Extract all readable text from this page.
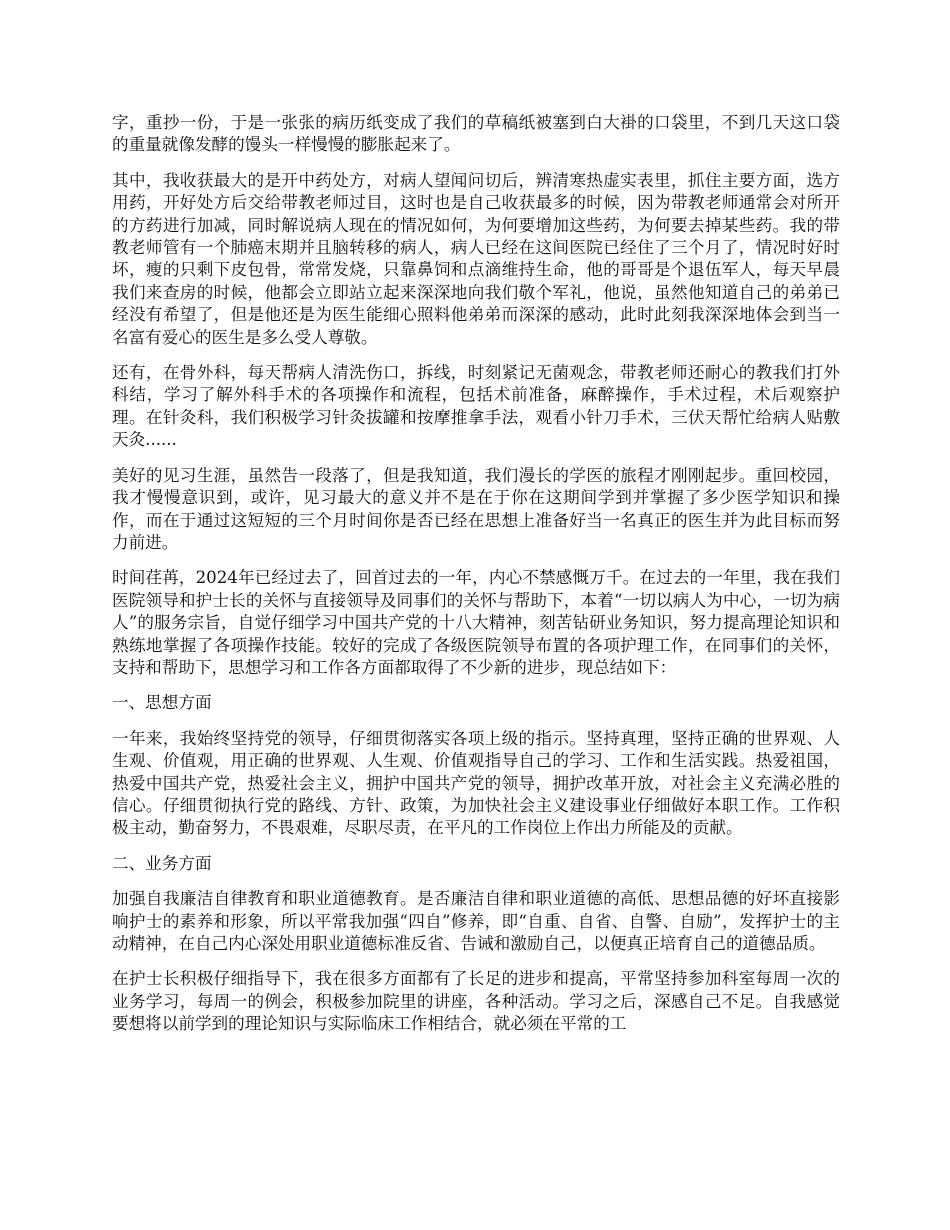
字，重抄一份，于是一张张的病历纸变成了我们的草稿纸被塞到白大褂的口袋里，不到几天这口袋的重量就像发酵的馒头一样慢慢的膨胀起来了。

其中，我收获最大的是开中药处方，对病人望闻问切后，辨清寒热虚实表里，抓住主要方面，选方用药，开好处方后交给带教老师过目，这时也是自己收获最多的时候，因为带教老师通常会对所开的方药进行加减，同时解说病人现在的情况如何，为何要增加这些药，为何要去掉某些药。我的带教老师管有一个肺癌末期并且脑转移的病人，病人已经在这间医院已经住了三个月了，情况时好时坏，瘦的只剩下皮包骨，常常发烧，只靠鼻饲和点滴维持生命，他的哥哥是个退伍军人，每天早晨我们来查房的时候，他都会立即站立起来深深地向我们敬个军礼，他说，虽然他知道自己的弟弟已经没有希望了，但是他还是为医生能细心照料他弟弟而深深的感动，此时此刻我深深地体会到当一名富有爱心的医生是多么受人尊敬。

还有，在骨外科，每天帮病人清洗伤口，拆线，时刻紧记无菌观念，带教老师还耐心的教我们打外科结，学习了解外科手术的各项操作和流程，包括术前准备，麻醉操作，手术过程，术后观察护理。在针灸科，我们积极学习针灸拔罐和按摩推拿手法，观看小针刀手术，三伏天帮忙给病人贴敷天灸......

美好的见习生涯，虽然告一段落了，但是我知道，我们漫长的学医的旅程才刚刚起步。重回校园，我才慢慢意识到，或许，见习最大的意义并不是在于你在这期间学到并掌握了多少医学知识和操作，而在于通过这短短的三个月时间你是否已经在思想上准备好当一名真正的医生并为此目标而努力前进。

时间荏苒，2024年已经过去了，回首过去的一年，内心不禁感慨万千。在过去的一年里，我在我们医院领导和护士长的关怀与直接领导及同事们的关怀与帮助下，本着“一切以病人为中心，一切为病人”的服务宗旨，自觉仔细学习中国共产党的十八大精神，刻苦钻研业务知识，努力提高理论知识和熟练地掌握了各项操作技能。较好的完成了各级医院领导布置的各项护理工作，在同事们的关怀，支持和帮助下，思想学习和工作各方面都取得了不少新的进步，现总结如下：

一、思想方面

一年来，我始终坚持党的领导，仔细贯彻落实各项上级的指示。坚持真理，坚持正确的世界观、人生观、价值观，用正确的世界观、人生观、价值观指导自己的学习、工作和生活实践。热爱祖国，热爱中国共产党，热爱社会主义，拥护中国共产党的领导，拥护改革开放，对社会主义充满必胜的信心。仔细贯彻执行党的路线、方针、政策，为加快社会主义建设事业仔细做好本职工作。工作积极主动，勤奋努力，不畏艰难，尽职尽责，在平凡的工作岗位上作出力所能及的贡献。

二、业务方面

加强自我廉洁自律教育和职业道德教育。是否廉洁自律和职业道德的高低、思想品德的好坏直接影响护士的素养和形象，所以平常我加强“四自”修养，即“自重、自省、自警、自励”，发挥护士的主动精神，在自己内心深处用职业道德标准反省、告诫和激励自己，以便真正培育自己的道德品质。

在护士长积极仔细指导下，我在很多方面都有了长足的进步和提高，平常坚持参加科室每周一次的业务学习，每周一的例会，积极参加院里的讲座，各种活动。学习之后，深感自己不足。自我感觉要想将以前学到的理论知识与实际临床工作相结合，就必须在平常的工
